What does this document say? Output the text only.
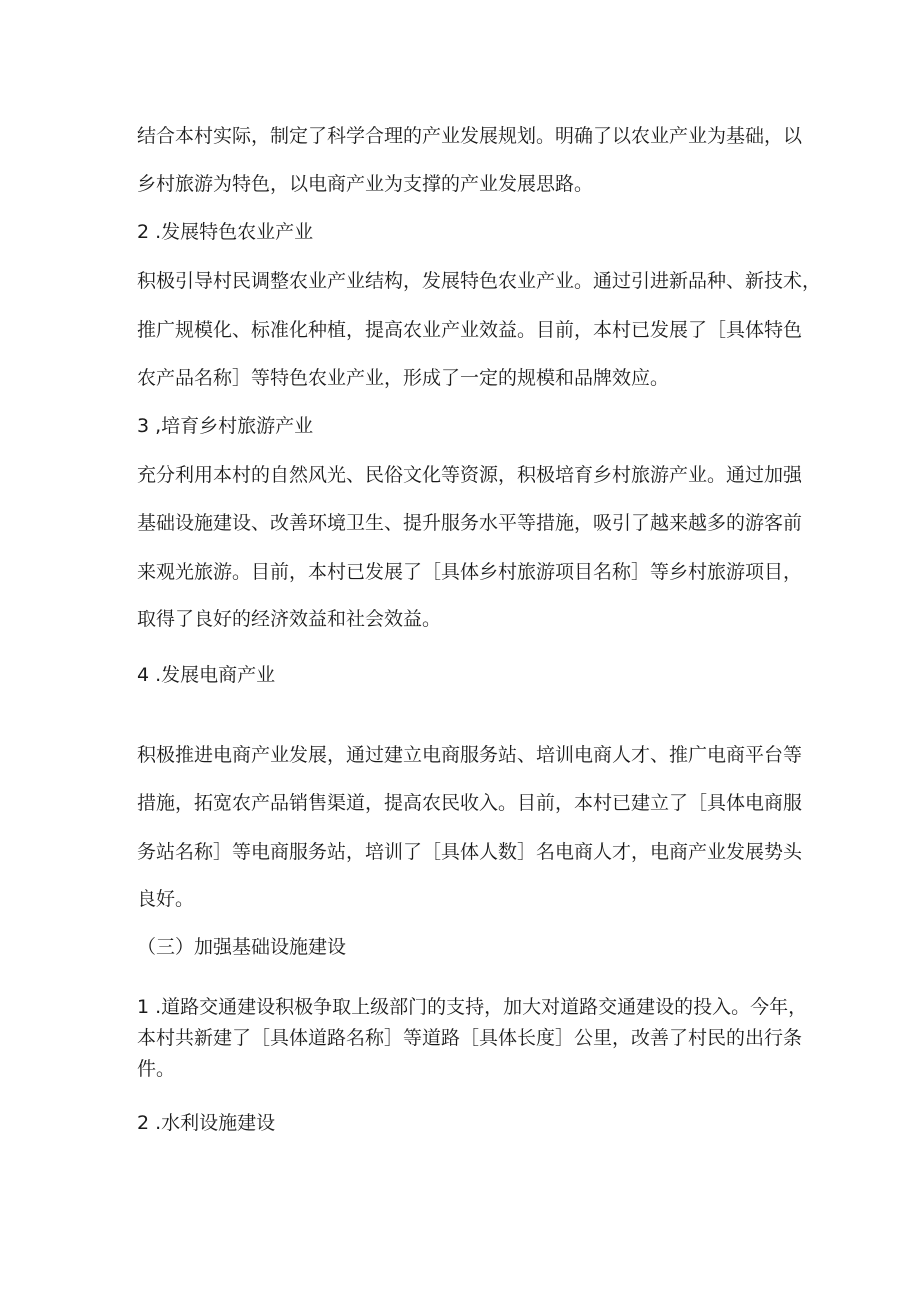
结合本村实际，制定了科学合理的产业发展规划。明确了以农业产业为基础，以
乡村旅游为特色，以电商产业为支撑的产业发展思路。
2 .发展特色农业产业
积极引导村民调整农业产业结构，发展特色农业产业。通过引进新品种、新技术，
推广规模化、标准化种植，提高农业产业效益。目前，本村已发展了［具体特色
农产品名称］等特色农业产业，形成了一定的规模和品牌效应。
3 ,培育乡村旅游产业
充分利用本村的自然风光、民俗文化等资源，积极培育乡村旅游产业。通过加强
基础设施建设、改善环境卫生、提升服务水平等措施，吸引了越来越多的游客前
来观光旅游。目前，本村已发展了［具体乡村旅游项目名称］等乡村旅游项目，
取得了良好的经济效益和社会效益。
4 .发展电商产业
积极推进电商产业发展，通过建立电商服务站、培训电商人才、推广电商平台等
措施，拓宽农产品销售渠道，提高农民收入。目前，本村已建立了［具体电商服
务站名称］等电商服务站，培训了［具体人数］名电商人才，电商产业发展势头
良好。
（三）加强基础设施建设
1 .道路交通建设积极争取上级部门的支持，加大对道路交通建设的投入。今年，
本村共新建了［具体道路名称］等道路［具体长度］公里，改善了村民的出行条
件。
2 .水利设施建设
